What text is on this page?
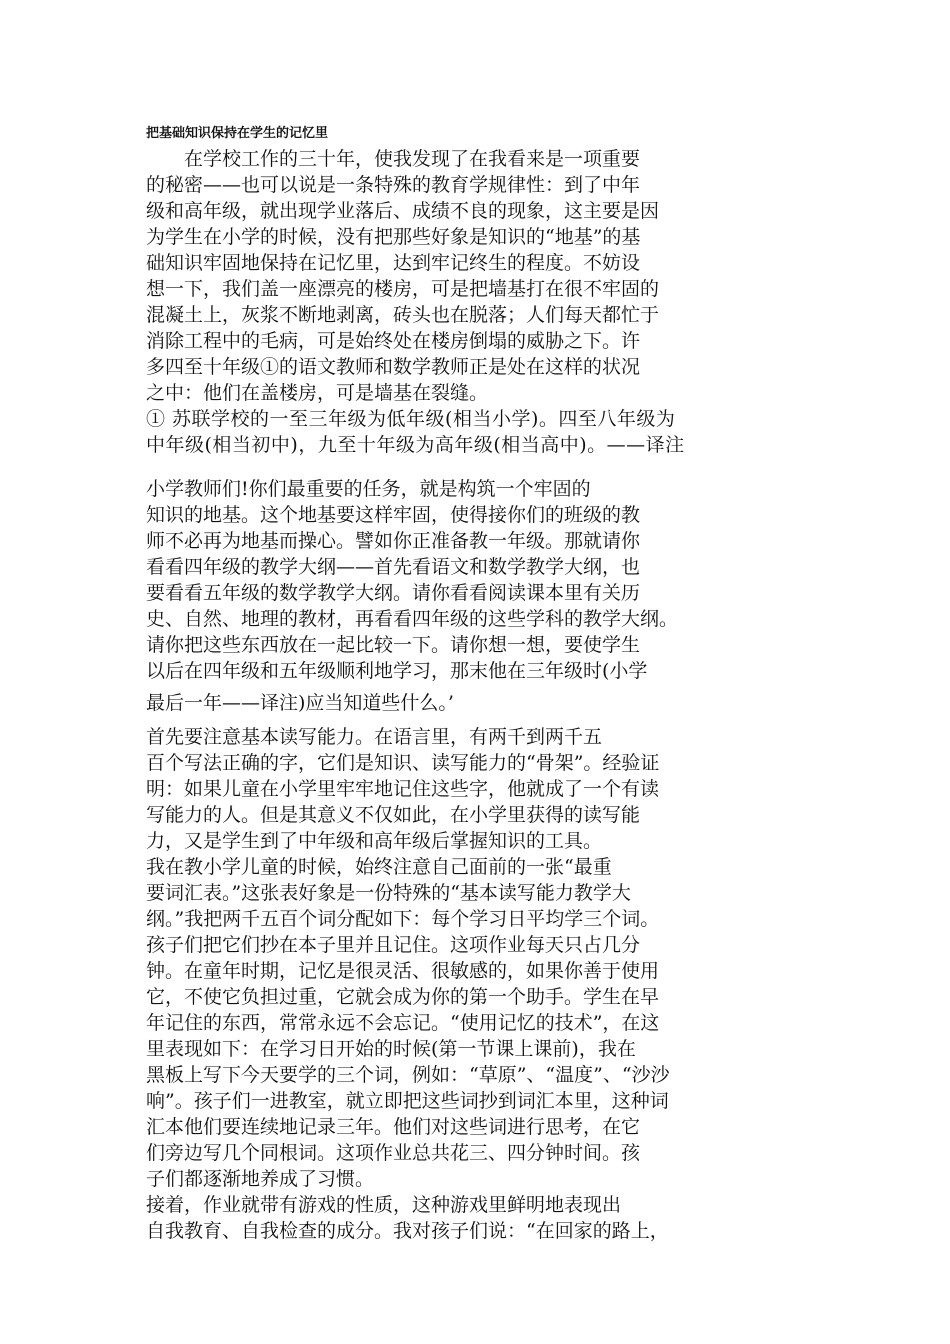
把基础知识保持在学生的记忆里
　　在学校工作的三十年，使我发现了在我看来是一项重要
的秘密——也可以说是一条特殊的教育学规律性：到了中年
级和高年级，就出现学业落后、成绩不良的现象，这主要是因
为学生在小学的时候，没有把那些好象是知识的“地基”的基
础知识牢固地保持在记忆里，达到牢记终生的程度。不妨设
想一下，我们盖一座漂亮的楼房，可是把墙基打在很不牢固的
混凝土上，灰浆不断地剥离，砖头也在脱落；人们每天都忙于
消除工程中的毛病，可是始终处在楼房倒塌的威胁之下。许
多四至十年级①的语文教师和数学教师正是处在这样的状况
之中：他们在盖楼房，可是墙基在裂缝。
① 苏联学校的一至三年级为低年级(相当小学)。四至八年级为
中年级(相当初中)，九至十年级为高年级(相当高中)。——译注
小学教师们!你们最重要的任务，就是构筑一个牢固的
知识的地基。这个地基要这样牢固，使得接你们的班级的教
师不必再为地基而操心。譬如你正准备教一年级。那就请你
看看四年级的教学大纲——首先看语文和数学教学大纲，也
要看看五年级的数学教学大纲。请你看看阅读课本里有关历
史、自然、地理的教材，再看看四年级的这些学科的教学大纲。
请你把这些东西放在一起比较一下。请你想一想，要使学生
以后在四年级和五年级顺利地学习，那末他在三年级时(小学
最后一年——译注)应当知道些什么。’
首先要注意基本读写能力。在语言里，有两千到两千五
百个写法正确的字，它们是知识、读写能力的“骨架”。经验证
明：如果儿童在小学里牢牢地记住这些字，他就成了一个有读
写能力的人。但是其意义不仅如此，在小学里获得的读写能
力，又是学生到了中年级和高年级后掌握知识的工具。
我在教小学儿童的时候，始终注意自己面前的一张“最重
要词汇表。”这张表好象是一份特殊的“基本读写能力教学大
纲。”我把两千五百个词分配如下：每个学习日平均学三个词。
孩子们把它们抄在本子里并且记住。这项作业每天只占几分
钟。在童年时期，记忆是很灵活、很敏感的，如果你善于使用
它，不使它负担过重，它就会成为你的第一个助手。学生在早
年记住的东西，常常永远不会忘记。“使用记忆的技术”，在这
里表现如下：在学习日开始的时候(第一节课上课前)，我在
黑板上写下今天要学的三个词，例如：“草原”、“温度”、“沙沙
响”。孩子们一进教室，就立即把这些词抄到词汇本里，这种词
汇本他们要连续地记录三年。他们对这些词进行思考，在它
们旁边写几个同根词。这项作业总共花三、四分钟时间。孩
子们都逐渐地养成了习惯。
接着，作业就带有游戏的性质，这种游戏里鲜明地表现出
自我教育、自我检查的成分。我对孩子们说：“在回家的路上，
